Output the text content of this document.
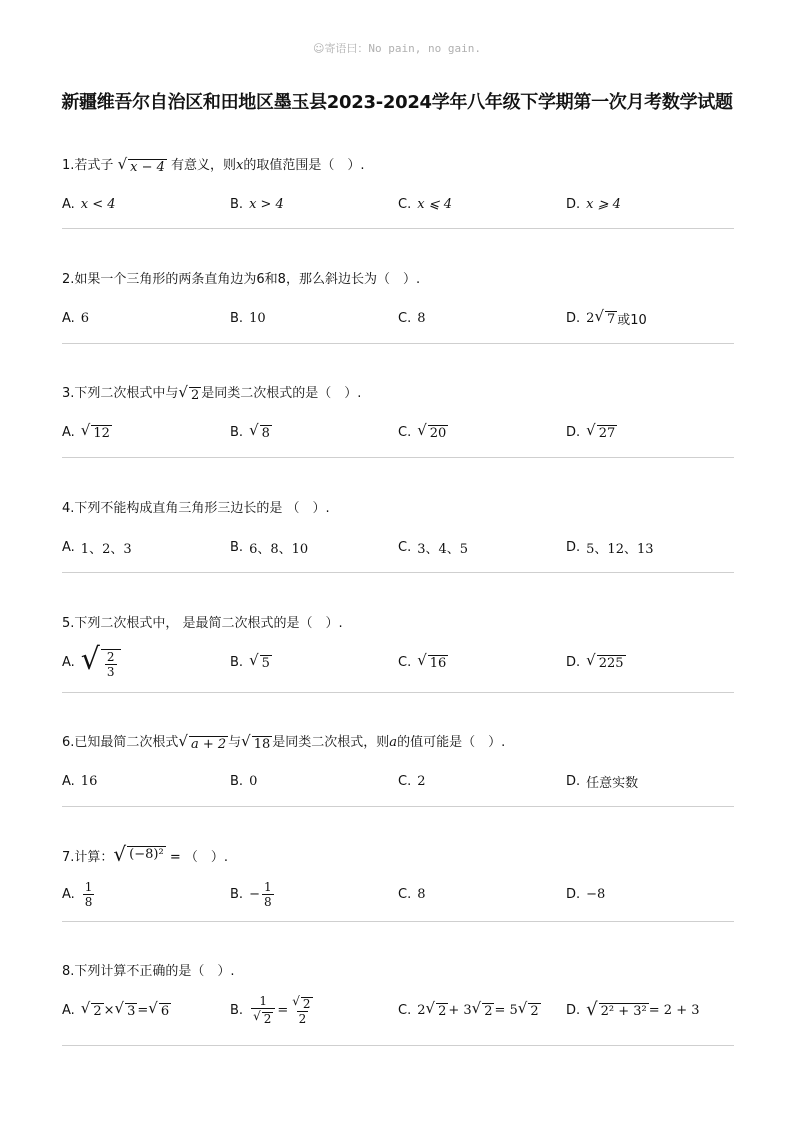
☺寄语曰：No pain, no gain.
新疆维吾尔自治区和田地区墨玉县2023-2024学年八年级下学期第一次月考数学试题
1.若式子 √ x − 4 有意义，则x的取值范围是（　）.
A. x < 4	B. x > 4	C. x ⩽ 4	D. x ⩾ 4
2.如果一个三角形的两条直角边为6和8，那么斜边长为（　）.
A. 6	B. 10	C. 8	D. 2 √ 7 或10
3.下列二次根式中与 √ 2 是同类二次根式的是（　）.
A. √ 12	B. √ 8	C. √ 20	D. √ 27
4.下列不能构成直角三角形三边长的是 （　）.
A. 1、2、3	B. 6、8、10	C. 3、4、5	D. 5、12、13
5.下列二次根式中， 是最简二次根式的是（　）.
A. √ $\frac{2}{3}$	B. √ 5	C. √ 16	D. √ 225
6.已知最简二次根式 √ a + 2 与 √ 18 是同类二次根式，则a的值可能是（　）.
A. 16	B. 0	C. 2	D. 任意实数
7.计算： √ (−8)² = （　）.
A. $\frac{1}{8}$	B. − $\frac{1}{8}$	C. 8	D. −8
8.下列计算不正确的是（　）.
A. √ 2 × √ 3 = √ 6	B. $\frac{1}{√ 2} = \frac{√ 2}{2}$	C. 2 √ 2 + 3 √ 2 = 5 √ 2 D. √ 2² + 3² = 2 + 3
